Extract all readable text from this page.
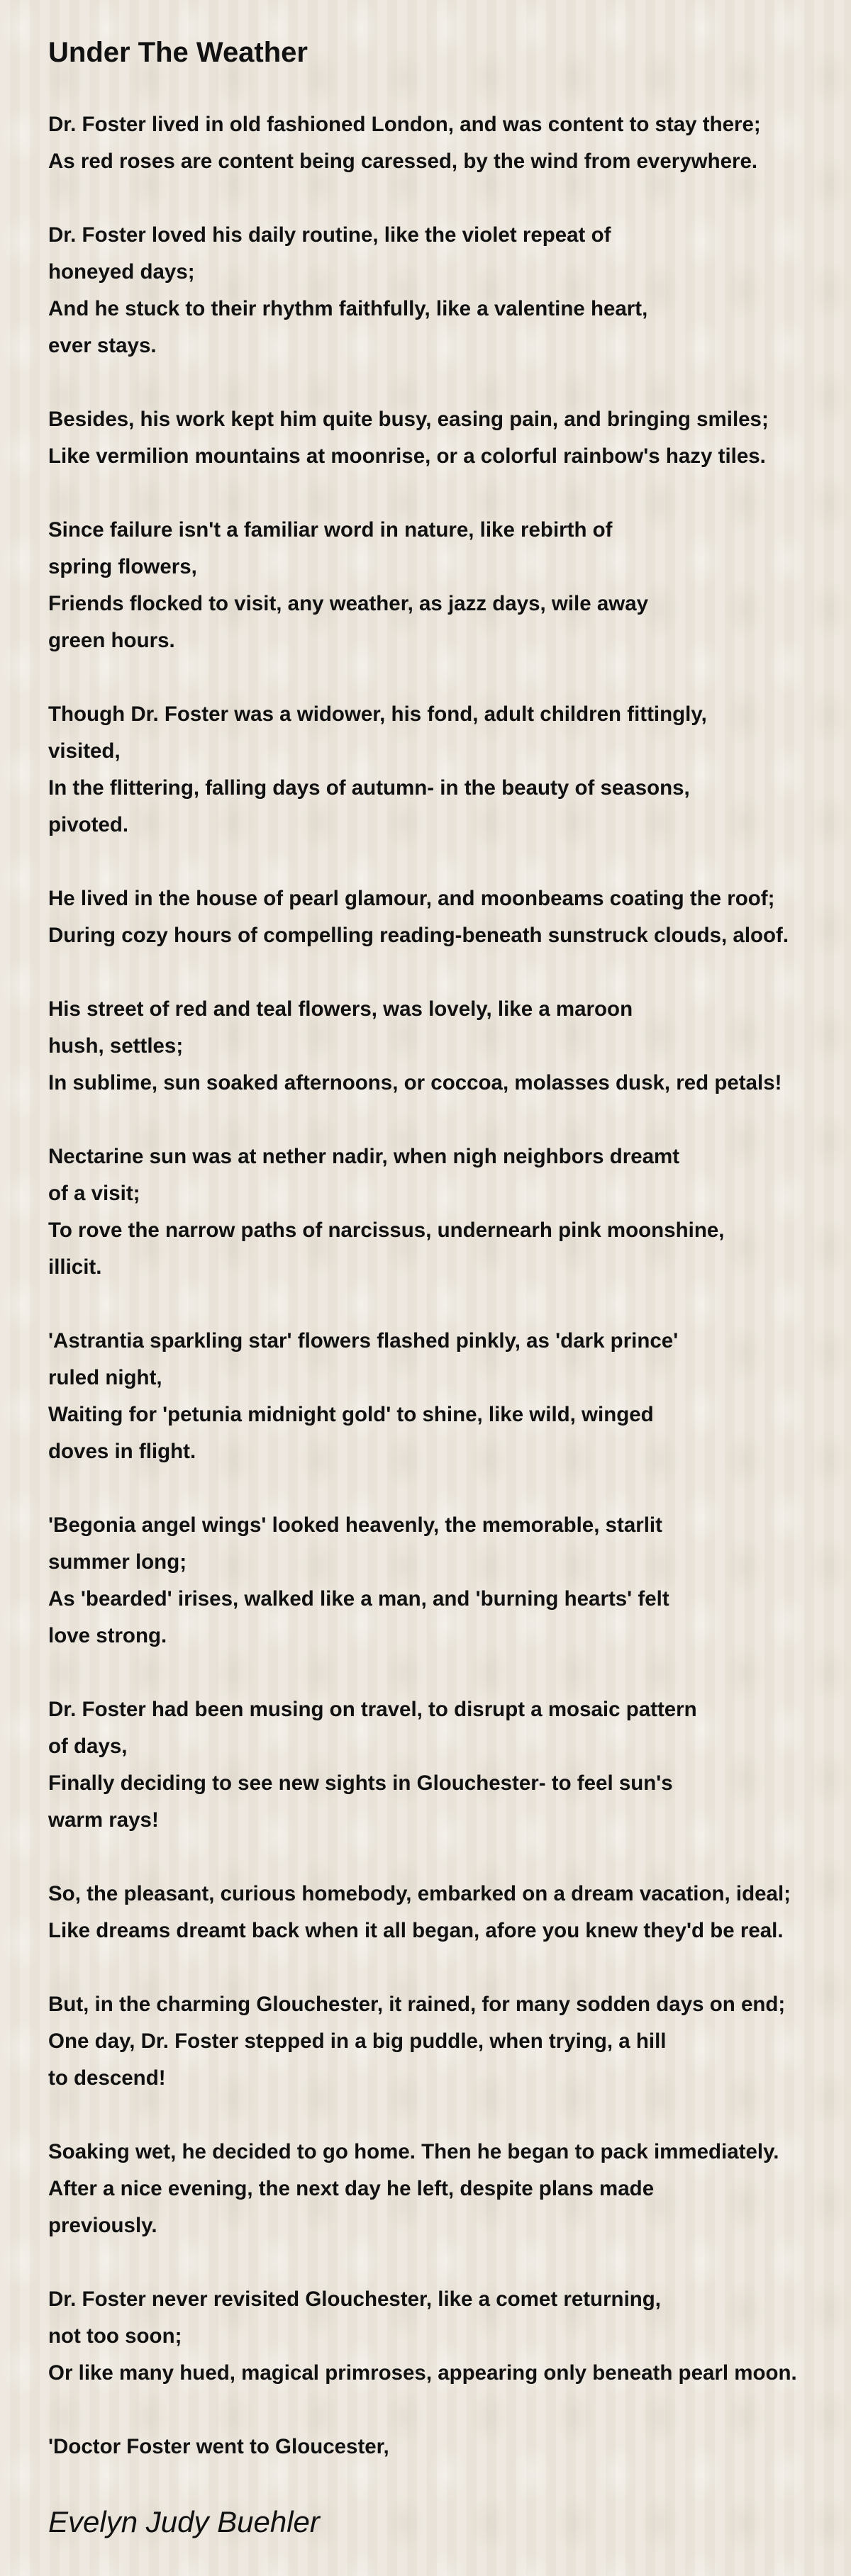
Under The Weather

Dr. Foster lived in old fashioned London, and was content to stay there;
As red roses are content being caressed, by the wind from everywhere.

Dr. Foster loved his daily routine, like the violet repeat of
honeyed days;
And he stuck to their rhythm faithfully, like a valentine heart,
ever stays.

Besides, his work kept him quite busy, easing pain, and bringing smiles;
Like vermilion mountains at moonrise, or a colorful rainbow's hazy tiles.

Since failure isn't a familiar word in nature, like rebirth of
spring flowers,
Friends flocked to visit, any weather, as jazz days, wile away
green hours.

Though Dr. Foster was a widower, his fond, adult children fittingly,
visited,
In the flittering, falling days of autumn- in the beauty of seasons,
pivoted.

He lived in the house of pearl glamour, and moonbeams coating the roof;
During cozy hours of compelling reading-beneath sunstruck clouds, aloof.

His street of red and teal flowers, was lovely, like a maroon
hush, settles;
In sublime, sun soaked afternoons, or coccoa, molasses dusk, red petals!

Nectarine sun was at nether nadir, when nigh neighbors dreamt
of a visit;
To rove the narrow paths of narcissus, undernearh pink moonshine,
illicit.

'Astrantia sparkling star' flowers flashed pinkly, as 'dark prince'
ruled night,
Waiting for 'petunia midnight gold' to shine, like wild, winged
doves in flight.

'Begonia angel wings' looked heavenly, the memorable, starlit
summer long;
As 'bearded' irises, walked like a man, and 'burning hearts' felt
love strong.

Dr. Foster had been musing on travel, to disrupt a mosaic pattern
of days,
Finally deciding to see new sights in Glouchester- to feel sun's
warm rays!

So, the pleasant, curious homebody, embarked on a dream vacation, ideal;
Like dreams dreamt back when it all began, afore you knew they'd be real.

But, in the charming Glouchester, it rained, for many sodden days on end;
One day, Dr. Foster stepped in a big puddle, when trying, a hill
to descend!

Soaking wet, he decided to go home. Then he began to pack immediately.
After a nice evening, the next day he left, despite plans made
previously.

Dr. Foster never revisited Glouchester, like a comet returning,
not too soon;
Or like many hued, magical primroses, appearing only beneath pearl moon.

'Doctor Foster went to Gloucester,

Evelyn Judy Buehler
